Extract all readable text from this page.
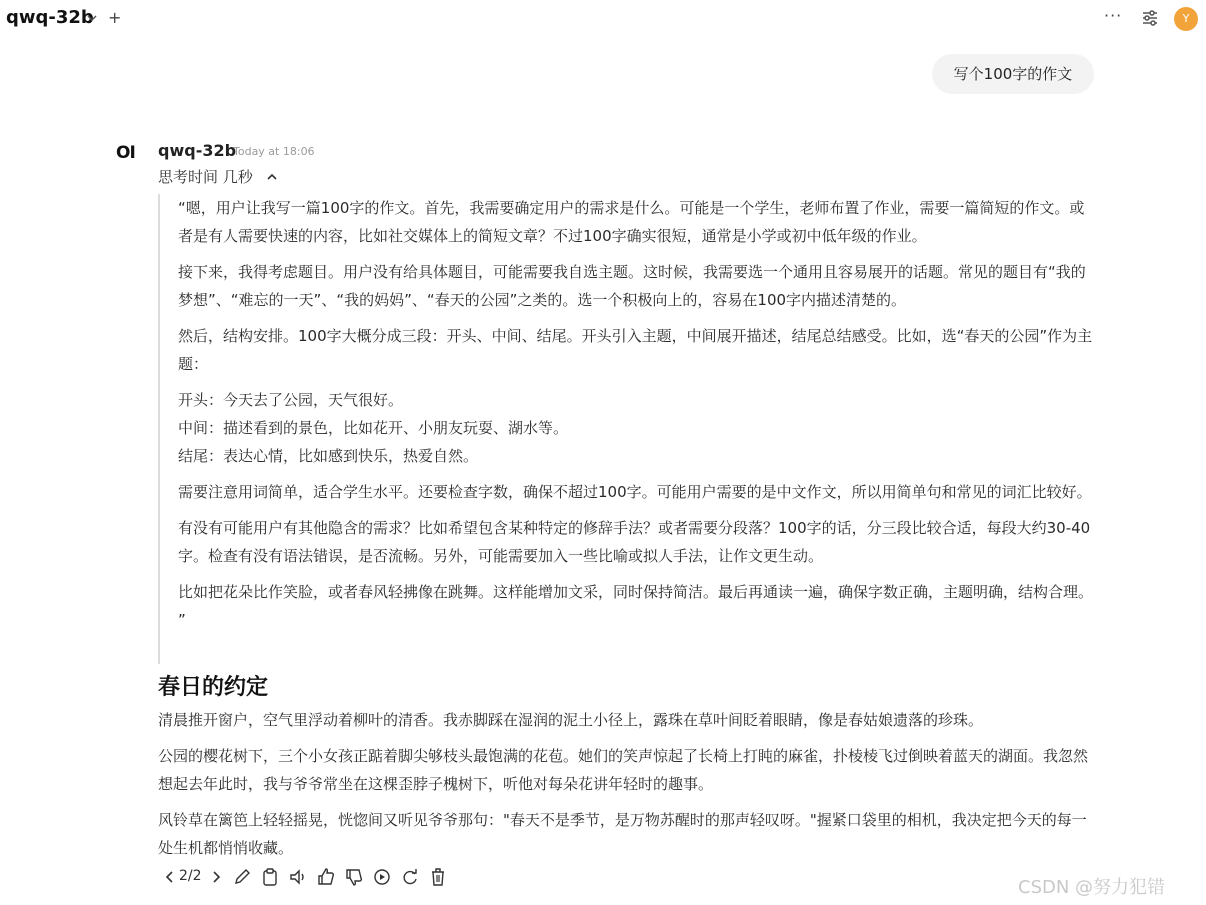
qwq-32b +	···	Y
写个100字的作文
OI qwq-32b
Today at 18:06
思考时间 几秒

“嗯，用户让我写一篇100字的作文。首先，我需要确定用户的需求是什么。可能是一个学生，老师布置了作业，需要一篇简短的作文。或者是有人需要快速的内容，比如社交媒体上的简短文章？不过100字确实很短，通常是小学或初中低年级的作业。

接下来，我得考虑题目。用户没有给具体题目，可能需要我自选主题。这时候，我需要选一个通用且容易展开的话题。常见的题目有“我的梦想”、“难忘的一天”、“我的妈妈”、“春天的公园”之类的。选一个积极向上的，容易在100字内描述清楚的。

然后，结构安排。100字大概分成三段：开头、中间、结尾。开头引入主题，中间展开描述，结尾总结感受。比如，选“春天的公园”作为主题：

开头：今天去了公园，天气很好。
中间：描述看到的景色，比如花开、小朋友玩耍、湖水等。
结尾：表达心情，比如感到快乐，热爱自然。

需要注意用词简单，适合学生水平。还要检查字数，确保不超过100字。可能用户需要的是中文作文，所以用简单句和常见的词汇比较好。

有没有可能用户有其他隐含的需求？比如希望包含某种特定的修辞手法？或者需要分段落？100字的话，分三段比较合适，每段大约30-40字。检查有没有语法错误，是否流畅。另外，可能需要加入一些比喻或拟人手法，让作文更生动。

比如把花朵比作笑脸，或者春风轻拂像在跳舞。这样能增加文采，同时保持简洁。最后再通读一遍，确保字数正确，主题明确，结构合理。 ”

春日的约定

清晨推开窗户，空气里浮动着柳叶的清香。我赤脚踩在湿润的泥土小径上，露珠在草叶间眨着眼睛，像是春姑娘遗落的珍珠。

公园的樱花树下，三个小女孩正踮着脚尖够枝头最饱满的花苞。她们的笑声惊起了长椅上打盹的麻雀，扑棱棱飞过倒映着蓝天的湖面。我忽然想起去年此时，我与爷爷常坐在这棵歪脖子槐树下，听他对每朵花讲年轻时的趣事。

风铃草在篱笆上轻轻摇晃，恍惚间又听见爷爷那句："春天不是季节，是万物苏醒时的那声轻叹呀。"握紧口袋里的相机，我决定把今天的每一处生机都悄悄收藏。

2/2
CSDN @努力犯错
